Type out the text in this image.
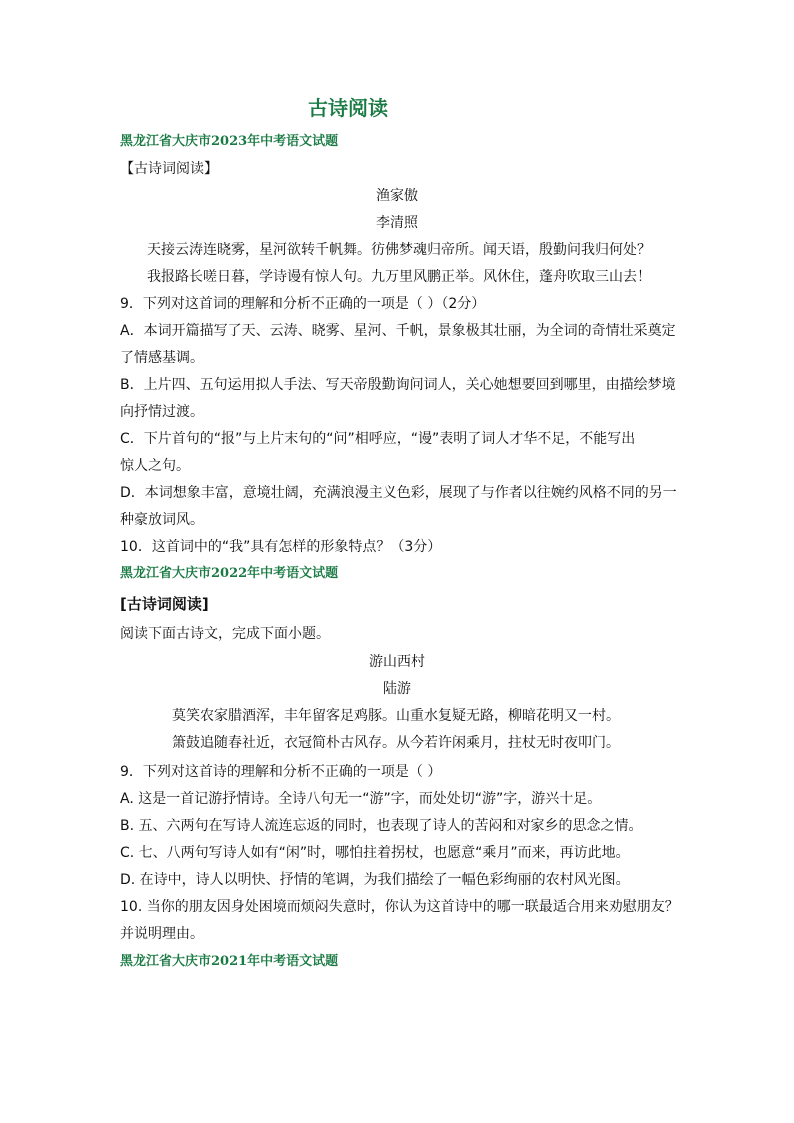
古诗阅读
黑龙江省大庆市2023年中考语文试题
【古诗词阅读】
渔家傲
李清照
天接云涛连晓雾，星河欲转千帆舞。彷佛梦魂归帝所。闻天语，殷勤问我归何处？
我报路长嗟日暮，学诗谩有惊人句。九万里风鹏正举。风休住，蓬舟吹取三山去！
9．下列对这首词的理解和分析不正确的一项是（ ）（2分）
A．本词开篇描写了天、云涛、晓雾、星河、千帆，景象极其壮丽，为全词的奇情壮采奠定
了情感基调。
B．上片四、五句运用拟人手法、写天帝殷勤询问词人，关心她想要回到哪里，由描绘梦境
向抒情过渡。
C．下片首句的“报”与上片末句的“问”相呼应，“谩”表明了词人才华不足，不能写出
惊人之句。
D．本词想象丰富，意境壮阔，充满浪漫主义色彩，展现了与作者以往婉约风格不同的另一
种豪放词风。
10．这首词中的“我”具有怎样的形象特点？（3分）
黑龙江省大庆市2022年中考语文试题
[古诗词阅读]
阅读下面古诗文，完成下面小题。
游山西村
陆游
莫笑农家腊酒浑，丰年留客足鸡豚。山重水复疑无路，柳暗花明又一村。
箫鼓追随春社近，衣冠简朴古风存。从今若许闲乘月，拄杖无时夜叩门。
9．下列对这首诗的理解和分析不正确的一项是（ ）
A. 这是一首记游抒情诗。全诗八句无一“游”字，而处处切“游”字，游兴十足。
B. 五、六两句在写诗人流连忘返的同时，也表现了诗人的苦闷和对家乡的思念之情。
C. 七、八两句写诗人如有“闲”时，哪怕拄着拐杖，也愿意“乘月”而来，再访此地。
D. 在诗中，诗人以明快、抒情的笔调，为我们描绘了一幅色彩绚丽的农村风光图。
10. 当你的朋友因身处困境而烦闷失意时，你认为这首诗中的哪一联最适合用来劝慰朋友？
并说明理由。
黑龙江省大庆市2021年中考语文试题
